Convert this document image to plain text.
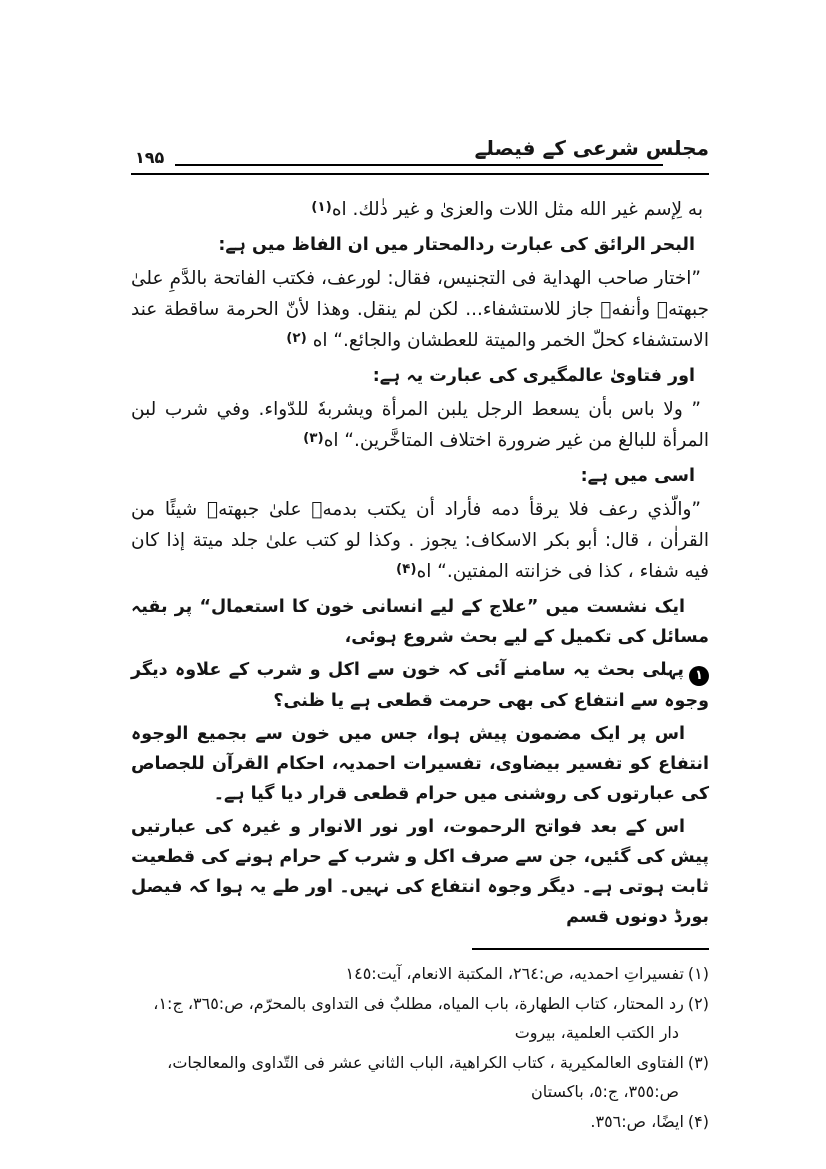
مجلس شرعی کے فیصلے
۱۹۵

به لِإسم غير الله مثل اللات والعزىٰ و غير ذٰلك. اه$^{(١)}$

البحر الرائق کی عبارت ردالمحتار میں ان الفاظ میں ہے:

”اختار صاحب الهداية فى التجنيس، فقال: لورعف، فكتب الفاتحة بالدَّمِ علىٰ جبهتهٖ وأنفهٖ جاز للاستشفاء... لكن لم ينقل. وهذا لأنّ الحرمة ساقطة عند الاستشفاء كحلّ الخمر والميتة للعطشان والجائع.“ اه $^{(٢)}$

اور فتاویٰ عالمگیری کی عبارت یہ ہے:

” ولا باس بأن يسعط الرجل يلبن المرأة ويشربهٗ للدّواء. وفي شرب لبن المرأة للبالغ من غير ضرورة اختلاف المتاخَّرين.“ اه$^{(٣)}$

اسی میں ہے:

”والّذي رعف فلا يرقأ دمه فأراد أن يكتب بدمهٖ علىٰ جبهتهٖ شيئًا من القراٰن ، قال: أبو بكر الاسكاف: يجوز . وكذا لو كتب علىٰ جلد ميتة إذا كان فيه شفاء ، كذا فى خزانته المفتين.“ اه$^{(۴)}$

ایک نشست میں ”علاج کے لیے انسانی خون کا استعمال“ پر بقیہ مسائل کی تکمیل کے لیے بحث شروع ہوئی،

۱
پہلی بحث یہ سامنے آئی کہ خون سے اکل و شرب کے علاوہ دیگر وجوہ سے انتفاع کی بھی حرمت قطعی ہے یا ظنی؟

اس پر ایک مضمون پیش ہوا، جس میں خون سے بجمیع الوجوہ انتفاع کو تفسیر بیضاوی، تفسیرات احمدیہ، احکام القرآن للجصاص کی عبارتوں کی روشنی میں حرام قطعی قرار دیا گیا ہے۔

اس کے بعد فواتح الرحموت، اور نور الانوار و غیرہ کی عبارتیں پیش کی گئیں، جن سے صرف اکل و شرب کے حرام ہونے کی قطعیت ثابت ہوتی ہے۔ دیگر وجوہ انتفاع کی نہیں۔ اور طے یہ ہوا کہ فیصل بورڈ دونوں قسم

(١)تفسيراتِ احمديه، ص:٢٦٤، المكتبة الانعام، آيت:١٤٥

(٢)رد المحتار، كتاب الطهارة، باب المياه، مطلبٌ فى التداوى بالمحرّم، ص:٣٦٥، ج:١، دار الكتب العلمية، بيروت

(٣)الفتاوى العالمكيرية ، كتاب الكراهية، الباب الثاني عشر فى التّداوى والمعالجات، ص:٣٥٥، ج:٥، باكستان

(۴)ايضًا، ص:٣٥٦.
